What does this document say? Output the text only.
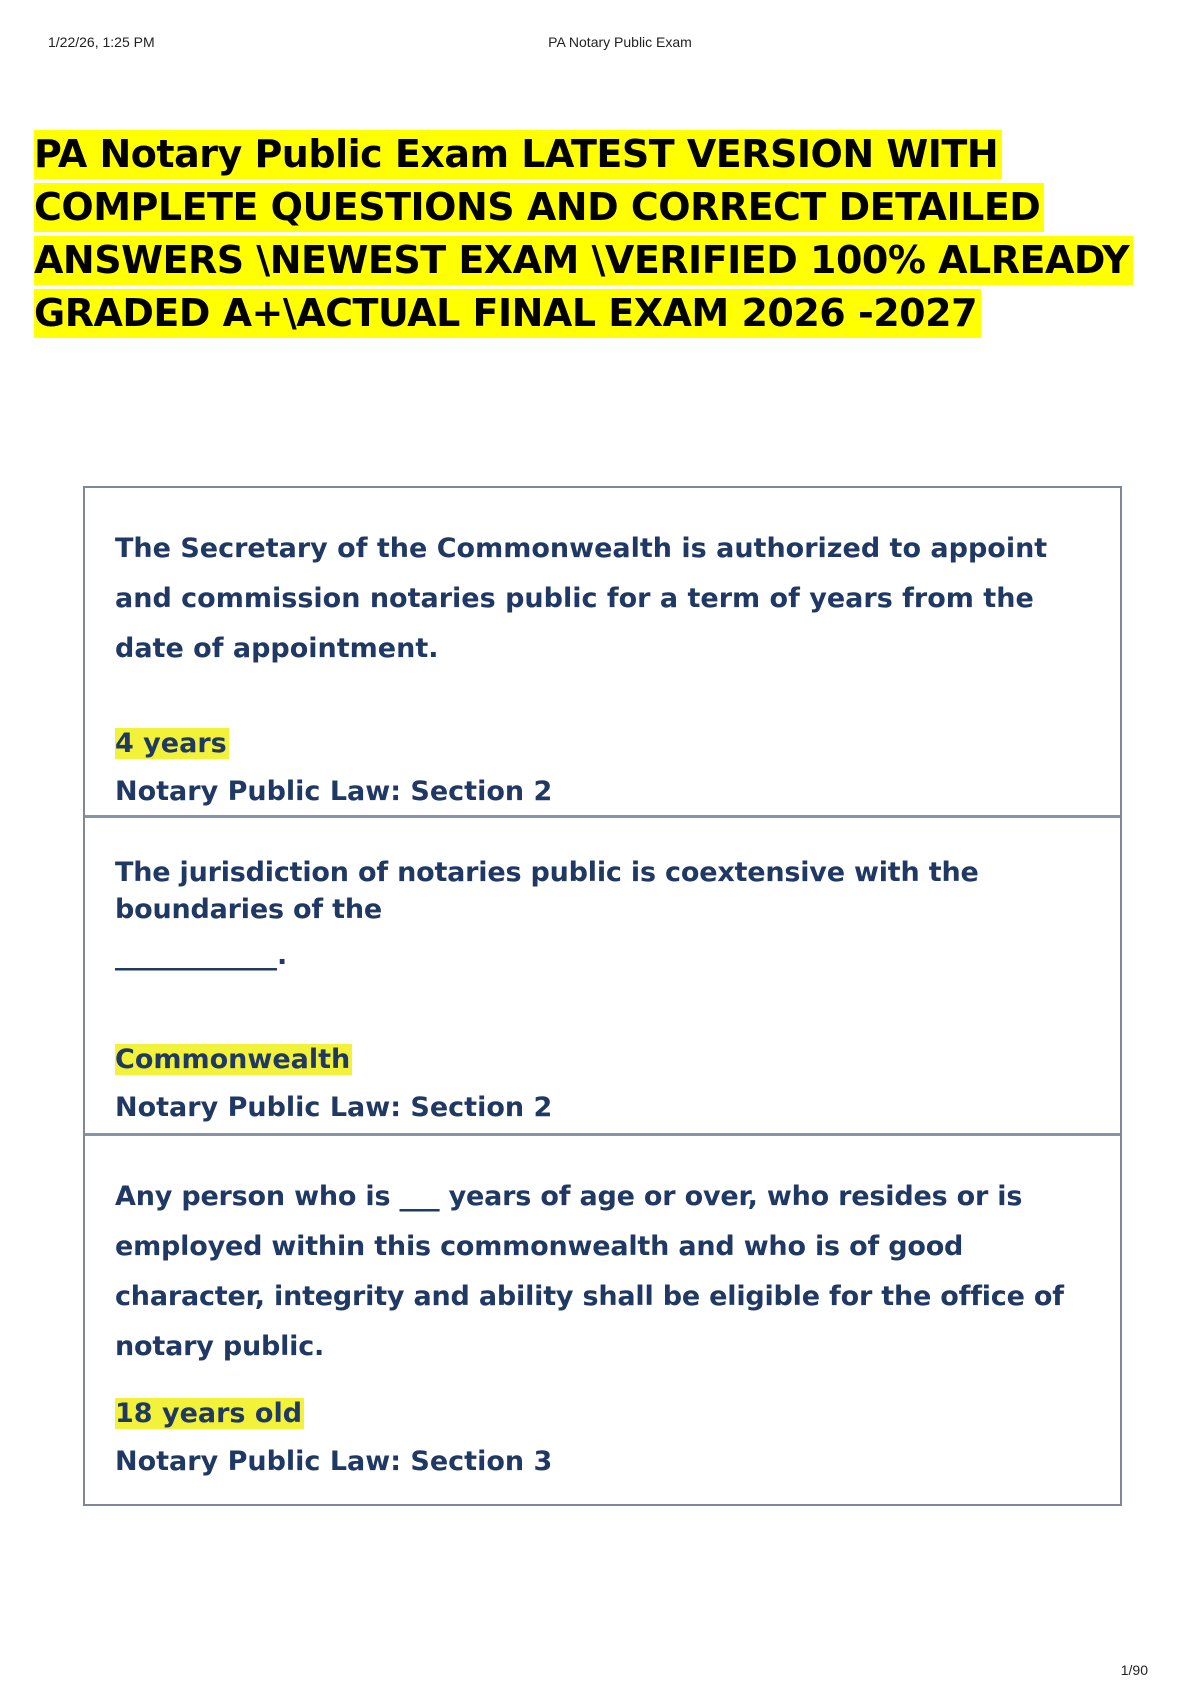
1/22/26, 1:25 PM	PA Notary Public Exam
PA Notary Public Exam LATEST VERSION WITH COMPLETE QUESTIONS AND CORRECT DETAILED ANSWERS \NEWEST EXAM \VERIFIED 100% ALREADY GRADED A+\ACTUAL FINAL EXAM 2026 -2027

The Secretary of the Commonwealth is authorized to appoint and commission notaries public for a term of years from the date of appointment.

4 years
Notary Public Law: Section 2

The jurisdiction of notaries public is coextensive with the boundaries of the

____________.
Commonwealth
Notary Public Law: Section 2

Any person who is ___ years of age or over, who resides or is employed within this commonwealth and who is of good character, integrity and ability shall be eligible for the office of notary public.

18 years old
Notary Public Law: Section 3
1/90
